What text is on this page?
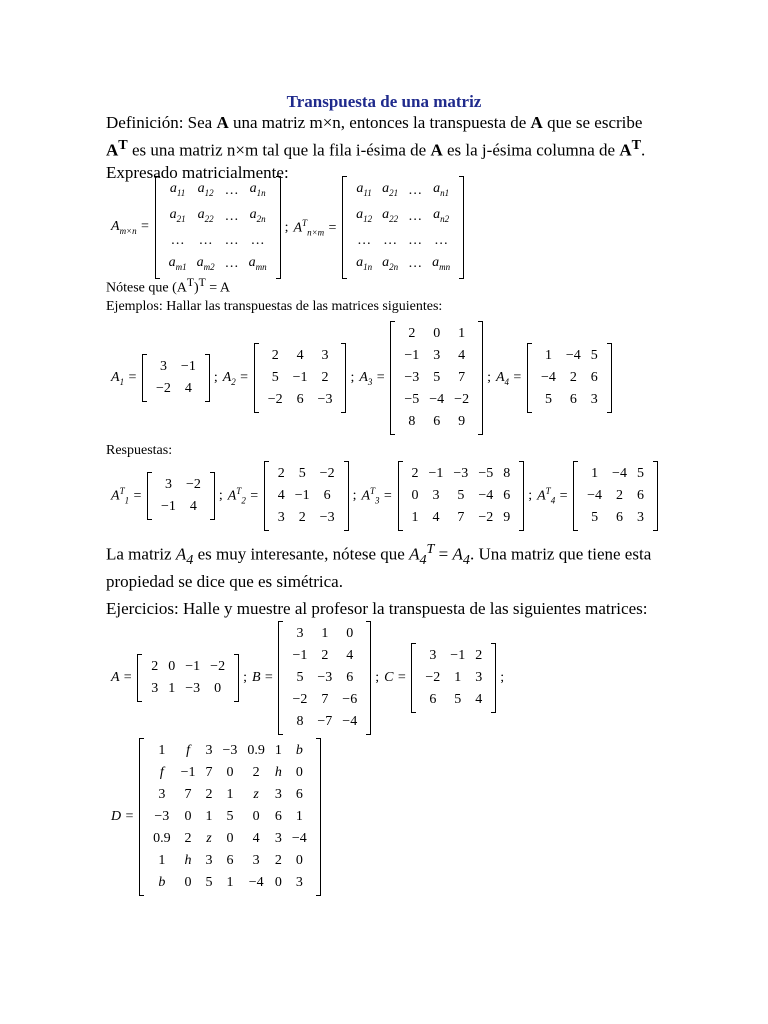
Transpuesta de una matriz
Definición: Sea A una matriz m×n, entonces la transpuesta de A que se escribe $A^T$ es una matriz n×m tal que la fila i-ésima de A es la j-ésima columna de $A^T$. Expresado matricialmente:
$A_{m\times n}$ =
$a_{11}$	$a_{12}$	…	$a_{1n}$
$a_{21}$	$a_{22}$	…	$a_{2n}$
…	…	…	…
$a_{m1}$	$a_{m2}$	…	$a_{mn}$
; $A^T_{n\times m}$ =
$a_{11}$	$a_{21}$	…	$a_{n1}$
$a_{12}$	$a_{22}$	…	$a_{n2}$
…	…	…	…
$a_{1n}$	$a_{2n}$	…	$a_{mn}$
Nótese que $(A^T)^T = A$
Ejemplos: Hallar las transpuestas de las matrices siguientes:
$A_1$ =
3	−1
−2	4
; $A_2$ =
2	4	3
5	−1	2
−2	6	−3
; $A_3$ =
2	0	1
−1	3	4
−3	5	7
−5	−4	−2
8	6	9
; $A_4$ =
1	−4	5
−4	2	6
5	6	3
Respuestas:
$A^T_1$ =
3	−2
−1	4
; $A^T_2$ =
2	5	−2
4	−1	6
3	2	−3
; $A^T_3$ =
2	−1	−3	−5	8
0	3	5	−4	6
1	4	7	−2	9
; $A^T_4$ =
1	−4	5
−4	2	6
5	6	3
La matriz $A_4$ es muy interesante, nótese que $A_4^T = A_4$. Una matriz que tiene esta propiedad se dice que es simétrica.
Ejercicios: Halle y muestre al profesor la transpuesta de las siguientes matrices:
A =
2	0	−1	−2
3	1	−3	0
; B =
3	1	0
−1	2	4
5	−3	6
−2	7	−6
8	−7	−4
; C =
3	−1	2
−2	1	3
6	5	4
;
D =
1	f	3	−3	0.9	1	b
f	−1	7	0	2	h	0
3	7	2	1	z	3	6
−3	0	1	5	0	6	1
0.9	2	z	0	4	3	−4
1	h	3	6	3	2	0
b	0	5	1	−4	0	3
